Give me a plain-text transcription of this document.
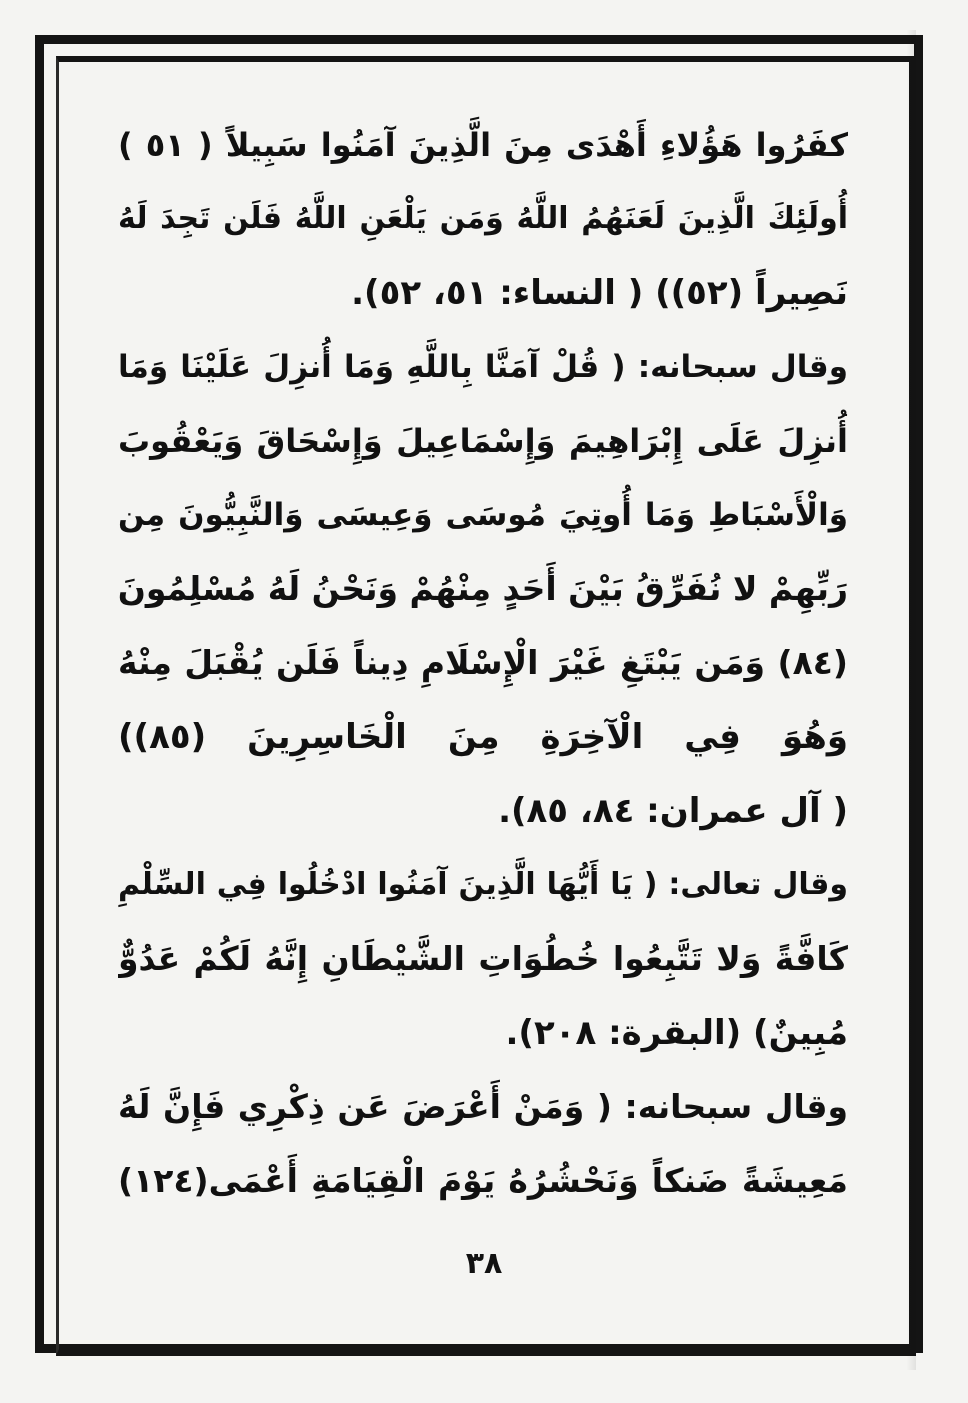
كفَرُوا هَؤُلاءِ أَهْدَى مِنَ الَّذِينَ آمَنُوا سَبِيلاً ( ٥١ )
أُولَئِكَ الَّذِينَ لَعَنَهُمُ اللَّهُ وَمَن يَلْعَنِ اللَّهُ فَلَن تَجِدَ لَهُ
نَصِيراً (٥٢)) ( النساء: ٥١، ٥٢).
وقال سبحانه: ( قُلْ آمَنَّا بِاللَّهِ وَمَا أُنزِلَ عَلَيْنَا وَمَا
أُنزِلَ عَلَى إِبْرَاهِيمَ وَإِسْمَاعِيلَ وَإِسْحَاقَ وَيَعْقُوبَ
وَالْأَسْبَاطِ وَمَا أُوتِيَ مُوسَى وَعِيسَى وَالنَّبِيُّونَ مِن
رَبِّهِمْ لا نُفَرِّقُ بَيْنَ أَحَدٍ مِنْهُمْ وَنَحْنُ لَهُ مُسْلِمُونَ
(٨٤) وَمَن يَبْتَغِ غَيْرَ الْإِسْلَامِ دِيناً فَلَن يُقْبَلَ مِنْهُ
وَهُوَ فِي الْآخِرَةِ مِنَ الْخَاسِرِينَ (٨٥))
( آل عمران: ٨٤، ٨٥).
وقال تعالى: ( يَا أَيُّهَا الَّذِينَ آمَنُوا ادْخُلُوا فِي السِّلْمِ
كَافَّةً وَلا تَتَّبِعُوا خُطُوَاتِ الشَّيْطَانِ إِنَّهُ لَكُمْ عَدُوٌّ
مُبِينٌ) (البقرة: ٢٠٨).
وقال سبحانه: ( وَمَنْ أَعْرَضَ عَن ذِكْرِي فَإِنَّ لَهُ
مَعِيشَةً ضَنكاً وَنَحْشُرُهُ يَوْمَ الْقِيَامَةِ أَعْمَى(١٢٤)
٣٨
